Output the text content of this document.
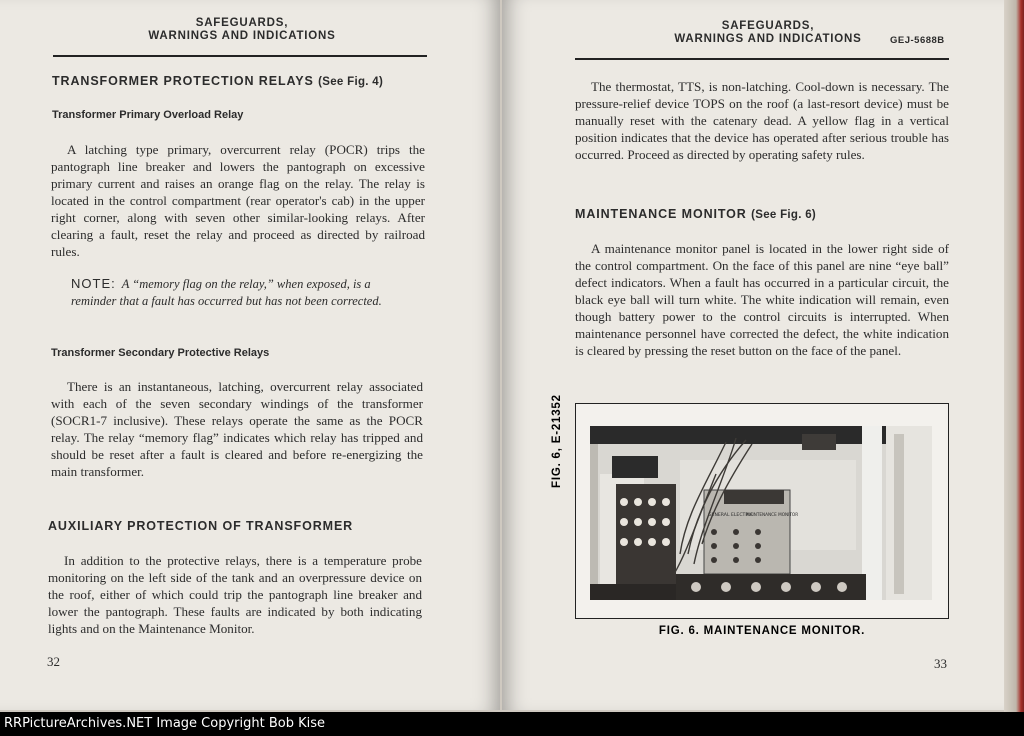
SAFEGUARDS,
WARNINGS AND INDICATIONS
TRANSFORMER PROTECTION RELAYS (See Fig. 4)
Transformer Primary Overload Relay

A latching type primary, overcurrent relay (POCR) trips the pantograph line breaker and lowers the pantograph on excessive primary current and raises an orange flag on the relay. The relay is located in the control compartment (rear operator's cab) in the upper right corner, along with seven other similar-looking relays. After clearing a fault, reset the relay and proceed as directed by railroad rules.

NOTE: A “memory flag on the relay,” when exposed, is a reminder that a fault has occurred but has not been corrected.
Transformer Secondary Protective Relays

There is an instantaneous, latching, overcurrent relay associated with each of the seven secondary windings of the transformer (SOCR1-7 inclusive). These relays operate the same as the POCR relay. The relay “memory flag” indicates which relay has tripped and should be reset after a fault is cleared and before re-energizing the main transformer.

AUXILIARY PROTECTION OF TRANSFORMER

In addition to the protective relays, there is a temperature probe monitoring on the left side of the tank and an overpressure device on the roof, either of which could trip the pantograph line breaker and lower the pantograph. These faults are indicated by both indicating lights and on the Maintenance Monitor.

32
SAFEGUARDS,
WARNINGS AND INDICATIONS	GEJ-5688B

The thermostat, TTS, is non-latching. Cool-down is necessary. The pressure-relief device TOPS on the roof (a last-resort device) must be manually reset with the catenary dead. A yellow flag in a vertical position indicates that the device has operated after serious trouble has occurred. Proceed as directed by operating safety rules.

MAINTENANCE MONITOR (See Fig. 6)

A maintenance monitor panel is located in the lower right side of the control compartment. On the face of this panel are nine “eye ball” defect indicators. When a fault has occurred in a particular circuit, the black eye ball will turn white. The white indication will remain, even though battery power to the control circuits is interrupted. When maintenance personnel have corrected the defect, the white indication is cleared by pressing the reset button on the face of the panel.

33
FIG. 6, E-21352
GENERAL ELECTRIC
MAINTENANCE MONITOR
FIG. 6. MAINTENANCE MONITOR.
RRPictureArchives.NET Image Copyright Bob Kise
